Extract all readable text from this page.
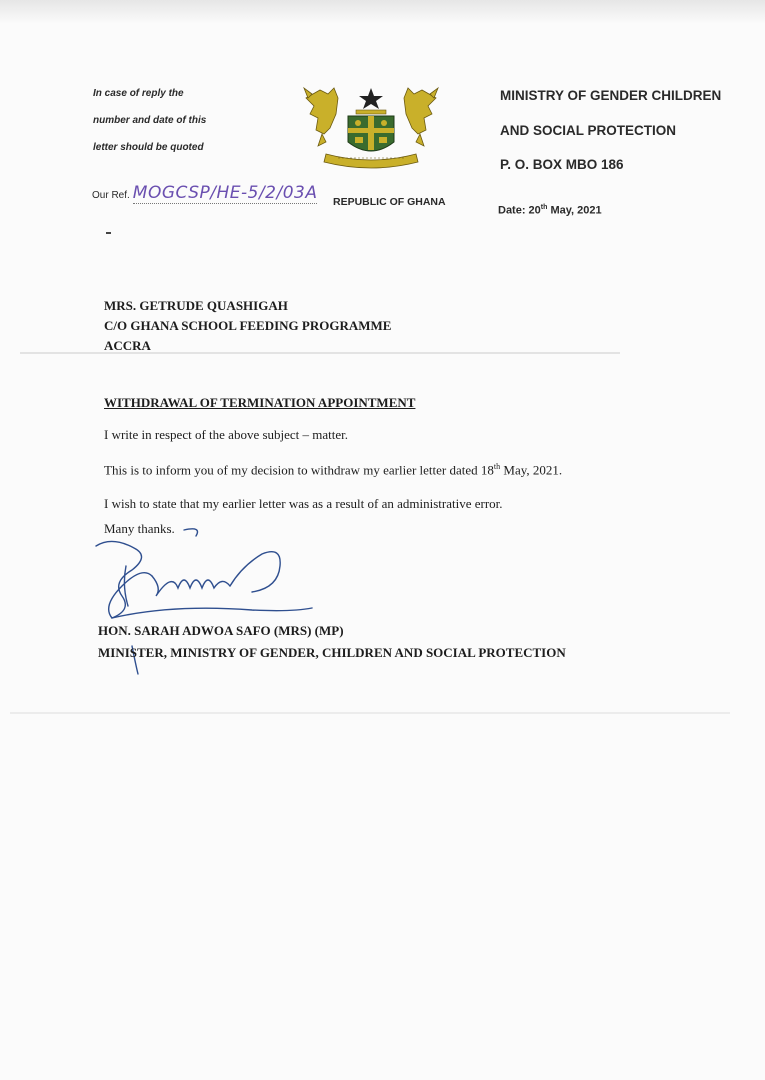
In case of reply the
number and date of this
letter should be quoted
MINISTRY OF GENDER CHILDREN
AND SOCIAL PROTECTION
P. O. BOX MBO 186
Our Ref. MOGCSP/HE-5/2/03A REPUBLIC OF GHANA
Date: 20th May, 2021
MRS. GETRUDE QUASHIGAH
C/O GHANA SCHOOL FEEDING PROGRAMME
ACCRA
WITHDRAWAL OF TERMINATION APPOINTMENT
I write in respect of the above subject – matter.
This is to inform you of my decision to withdraw my earlier letter dated 18th May, 2021.
I wish to state that my earlier letter was as a result of an administrative error.
Many thanks.
HON. SARAH ADWOA SAFO (MRS) (MP)
MINISTER, MINISTRY OF GENDER, CHILDREN AND SOCIAL PROTECTION
